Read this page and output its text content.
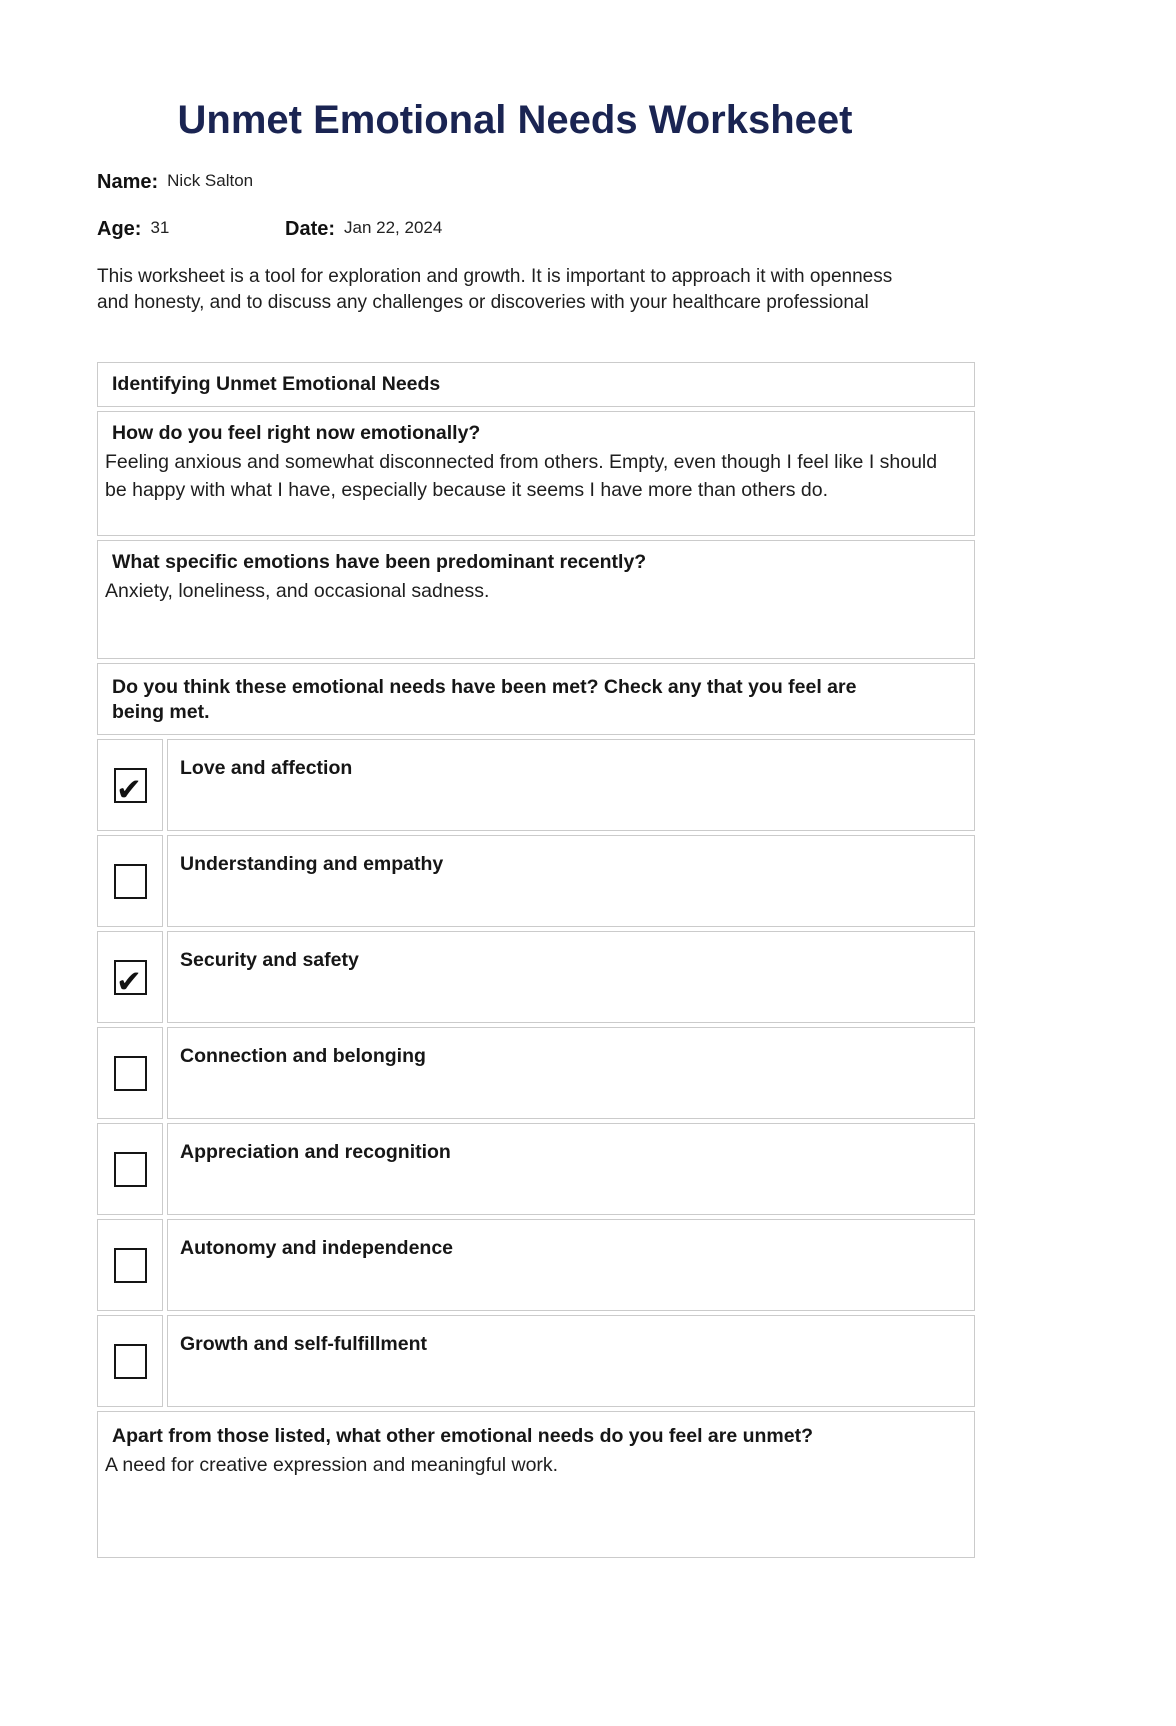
Unmet Emotional Needs Worksheet
Name: Nick Salton
Age: 31	Date: Jan 22, 2024

This worksheet is a tool for exploration and growth. It is important to approach it with openness and honesty, and to discuss any challenges or discoveries with your healthcare professional

Identifying Unmet Emotional Needs
How do you feel right now emotionally?
Feeling anxious and somewhat disconnected from others. Empty, even though I feel like I should be happy with what I have, especially because it seems I have more than others do.
What specific emotions have been predominant recently?
Anxiety, loneliness, and occasional sadness.
Do you think these emotional needs have been met? Check any that you feel are being met.
✔
Love and affection
Understanding and empathy
✔
Security and safety
Connection and belonging
Appreciation and recognition
Autonomy and independence
Growth and self-fulfillment
Apart from those listed, what other emotional needs do you feel are unmet?
A need for creative expression and meaningful work.
